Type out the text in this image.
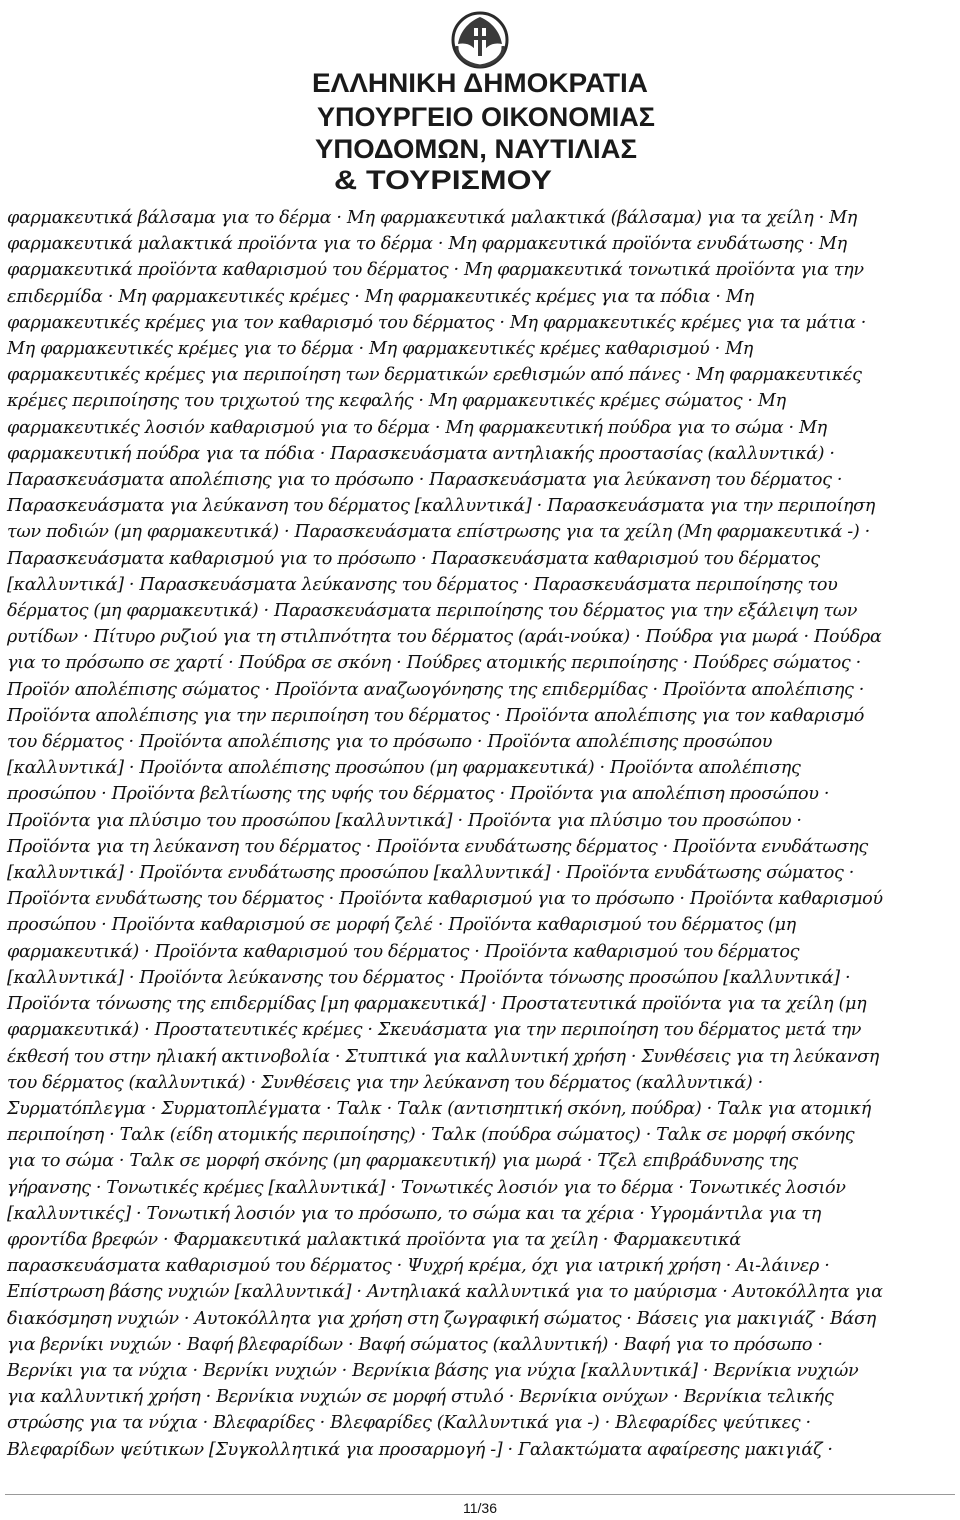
ΕΛΛΗΝΙΚΗ ΔΗΜΟΚΡΑΤΙΑ
ΥΠΟΥΡΓΕΙΟ ΟΙΚΟΝΟΜΙΑΣ
ΥΠΟΔΟΜΩΝ, ΝΑΥΤΙΛΙΑΣ
& ΤΟΥΡΙΣΜΟΥ

φαρμακευτικά βάλσαμα για το δέρμα · Μη φαρμακευτικά μαλακτικά (βάλσαμα) για τα χείλη · Μη φαρμακευτικά μαλακτικά προϊόντα για το δέρμα · Μη φαρμακευτικά προϊόντα ενυδάτωσης · Μη φαρμακευτικά προϊόντα καθαρισμού του δέρματος · Μη φαρμακευτικά τονωτικά προϊόντα για την επιδερμίδα · Μη φαρμακευτικές κρέμες · Μη φαρμακευτικές κρέμες για τα πόδια · Μη φαρμακευτικές κρέμες για τον καθαρισμό του δέρματος · Μη φαρμακευτικές κρέμες για τα μάτια · Μη φαρμακευτικές κρέμες για το δέρμα · Μη φαρμακευτικές κρέμες καθαρισμού · Μη φαρμακευτικές κρέμες για περιποίηση των δερματικών ερεθισμών από πάνες · Μη φαρμακευτικές κρέμες περιποίησης του τριχωτού της κεφαλής · Μη φαρμακευτικές κρέμες σώματος · Μη φαρμακευτικές λοσιόν καθαρισμού για το δέρμα · Μη φαρμακευτική πούδρα για το σώμα · Μη φαρμακευτική πούδρα για τα πόδια · Παρασκευάσματα αντηλιακής προστασίας (καλλυντικά) · Παρασκευάσματα απολέπισης για το πρόσωπο · Παρασκευάσματα για λεύκανση του δέρματος · Παρασκευάσματα για λεύκανση του δέρματος [καλλυντικά] · Παρασκευάσματα για την περιποίηση των ποδιών (μη φαρμακευτικά) · Παρασκευάσματα επίστρωσης για τα χείλη (Μη φαρμακευτικά -) · Παρασκευάσματα καθαρισμού για το πρόσωπο · Παρασκευάσματα καθαρισμού του δέρματος [καλλυντικά] · Παρασκευάσματα λεύκανσης του δέρματος · Παρασκευάσματα περιποίησης του δέρματος (μη φαρμακευτικά) · Παρασκευάσματα περιποίησης του δέρματος για την εξάλειψη των ρυτίδων · Πίτυρο ρυζιού για τη στιλπνότητα του δέρματος (αράι-νούκα) · Πούδρα για μωρά · Πούδρα για το πρόσωπο σε χαρτί · Πούδρα σε σκόνη · Πούδρες ατομικής περιποίησης · Πούδρες σώματος · Προϊόν απολέπισης σώματος · Προϊόντα αναζωογόνησης της επιδερμίδας · Προϊόντα απολέπισης · Προϊόντα απολέπισης για την περιποίηση του δέρματος · Προϊόντα απολέπισης για τον καθαρισμό του δέρματος · Προϊόντα απολέπισης για το πρόσωπο · Προϊόντα απολέπισης προσώπου [καλλυντικά] · Προϊόντα απολέπισης προσώπου (μη φαρμακευτικά) · Προϊόντα απολέπισης προσώπου · Προϊόντα βελτίωσης της υφής του δέρματος · Προϊόντα για απολέπιση προσώπου · Προϊόντα για πλύσιμο του προσώπου [καλλυντικά] · Προϊόντα για πλύσιμο του προσώπου · Προϊόντα για τη λεύκανση του δέρματος · Προϊόντα ενυδάτωσης δέρματος · Προϊόντα ενυδάτωσης [καλλυντικά] · Προϊόντα ενυδάτωσης προσώπου [καλλυντικά] · Προϊόντα ενυδάτωσης σώματος · Προϊόντα ενυδάτωσης του δέρματος · Προϊόντα καθαρισμού για το πρόσωπο · Προϊόντα καθαρισμού προσώπου · Προϊόντα καθαρισμού σε μορφή ζελέ · Προϊόντα καθαρισμού του δέρματος (μη φαρμακευτικά) · Προϊόντα καθαρισμού του δέρματος · Προϊόντα καθαρισμού του δέρματος [καλλυντικά] · Προϊόντα λεύκανσης του δέρματος · Προϊόντα τόνωσης προσώπου [καλλυντικά] · Προϊόντα τόνωσης της επιδερμίδας [μη φαρμακευτικά] · Προστατευτικά προϊόντα για τα χείλη (μη φαρμακευτικά) · Προστατευτικές κρέμες · Σκευάσματα για την περιποίηση του δέρματος μετά την έκθεσή του στην ηλιακή ακτινοβολία · Στυπτικά για καλλυντική χρήση · Συνθέσεις για τη λεύκανση του δέρματος (καλλυντικά) · Συνθέσεις για την λεύκανση του δέρματος (καλλυντικά) · Συρματόπλεγμα · Συρματοπλέγματα · Ταλκ · Ταλκ (αντισηπτική σκόνη, πούδρα) · Ταλκ για ατομική περιποίηση · Ταλκ (είδη ατομικής περιποίησης) · Ταλκ (πούδρα σώματος) · Ταλκ σε μορφή σκόνης για το σώμα · Ταλκ σε μορφή σκόνης (μη φαρμακευτική) για μωρά · Τζελ επιβράδυνσης της γήρανσης · Τονωτικές κρέμες [καλλυντικά] · Τονωτικές λοσιόν για το δέρμα · Τονωτικές λοσιόν [καλλυντικές] · Τονωτική λοσιόν για το πρόσωπο, το σώμα και τα χέρια · Υγρομάντιλα για τη φροντίδα βρεφών · Φαρμακευτικά μαλακτικά προϊόντα για τα χείλη · Φαρμακευτικά παρασκευάσματα καθαρισμού του δέρματος · Ψυχρή κρέμα, όχι για ιατρική χρήση · Αι-λάινερ · Επίστρωση βάσης νυχιών [καλλυντικά] · Αντηλιακά καλλυντικά για το μαύρισμα · Αυτοκόλλητα για διακόσμηση νυχιών · Αυτοκόλλητα για χρήση στη ζωγραφική σώματος · Βάσεις για μακιγιάζ · Βάση για βερνίκι νυχιών · Βαφή βλεφαρίδων · Βαφή σώματος (καλλυντική) · Βαφή για το πρόσωπο · Βερνίκι για τα νύχια · Βερνίκι νυχιών · Βερνίκια βάσης για νύχια [καλλυντικά] · Βερνίκια νυχιών για καλλυντική χρήση · Βερνίκια νυχιών σε μορφή στυλό · Βερνίκια ονύχων · Βερνίκια τελικής στρώσης για τα νύχια · Βλεφαρίδες · Βλεφαρίδες (Καλλυντικά για -) · Βλεφαρίδες ψεύτικες · Βλεφαρίδων ψεύτικων [Συγκολλητικά για προσαρμογή -] · Γαλακτώματα αφαίρεσης μακιγιάζ ·

11/36
